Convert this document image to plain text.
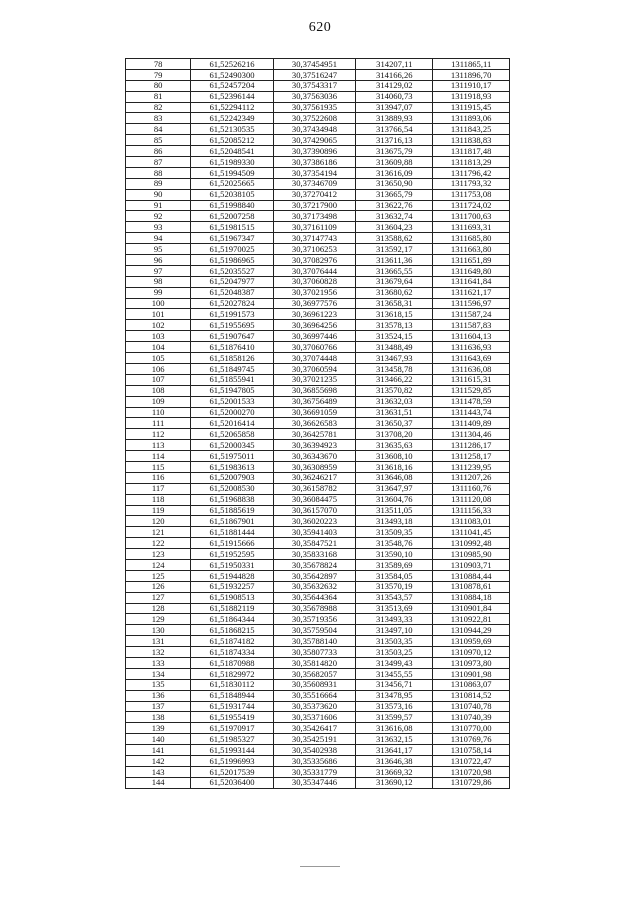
620
78	61,52526216	30,37454951	314207,11	1311865,11
79	61,52490300	30,37516247	314166,26	1311896,70
80	61,52457204	30,37543317	314129,02	1311910,17
81	61,52396144	30,37563036	314060,73	1311918,93
82	61,52294112	30,37561935	313947,07	1311915,45
83	61,52242349	30,37522608	313889,93	1311893,06
84	61,52130535	30,37434948	313766,54	1311843,25
85	61,52085212	30,37429065	313716,13	1311838,83
86	61,52048541	30,37390896	313675,79	1311817,48
87	61,51989330	30,37386186	313609,88	1311813,29
88	61,51994509	30,37354194	313616,09	1311796,42
89	61,52025665	30,37346709	313650,90	1311793,32
90	61,52038105	30,37270412	313665,79	1311753,08
91	61,51998840	30,37217900	313622,76	1311724,02
92	61,52007258	30,37173498	313632,74	1311700,63
93	61,51981515	30,37161109	313604,23	1311693,31
94	61,51967347	30,37147743	313588,62	1311685,80
95	61,51970025	30,37106253	313592,17	1311663,80
96	61,51986965	30,37082976	313611,36	1311651,89
97	61,52035527	30,37076444	313665,55	1311649,80
98	61,52047977	30,37060828	313679,64	1311641,84
99	61,52048387	30,37021956	313680,62	1311621,17
100	61,52027824	30,36977576	313658,31	1311596,97
101	61,51991573	30,36961223	313618,15	1311587,24
102	61,51955695	30,36964256	313578,13	1311587,83
103	61,51907647	30,36997446	313524,15	1311604,13
104	61,51876410	30,37060766	313488,49	1311636,93
105	61,51858126	30,37074448	313467,93	1311643,69
106	61,51849745	30,37060594	313458,78	1311636,08
107	61,51855941	30,37021235	313466,22	1311615,31
108	61,51947805	30,36855698	313570,82	1311529,85
109	61,52001533	30,36756489	313632,03	1311478,59
110	61,52000270	30,36691059	313631,51	1311443,74
111	61,52016414	30,36626583	313650,37	1311409,89
112	61,52065858	30,36425781	313708,20	1311304,46
113	61,52000345	30,36394923	313635,63	1311286,17
114	61,51975011	30,36343670	313608,10	1311258,17
115	61,51983613	30,36308959	313618,16	1311239,95
116	61,52007903	30,36246217	313646,08	1311207,26
117	61,52008530	30,36158782	313647,97	1311160,76
118	61,51968838	30,36084475	313604,76	1311120,08
119	61,51885619	30,36157070	313511,05	1311156,33
120	61,51867901	30,36020223	313493,18	1311083,01
121	61,51881444	30,35941403	313509,35	1311041,45
122	61,51915666	30,35847521	313548,76	1310992,48
123	61,51952595	30,35833168	313590,10	1310985,90
124	61,51950331	30,35678824	313589,69	1310903,71
125	61,51944828	30,35642897	313584,05	1310884,44
126	61,51932257	30,35632632	313570,19	1310878,61
127	61,51908513	30,35644364	313543,57	1310884,18
128	61,51882119	30,35678988	313513,69	1310901,84
129	61,51864344	30,35719356	313493,33	1310922,81
130	61,51868215	30,35759504	313497,10	1310944,29
131	61,51874182	30,35788140	313503,35	1310959,69
132	61,51874334	30,35807733	313503,25	1310970,12
133	61,51870988	30,35814820	313499,43	1310973,80
134	61,51829972	30,35682057	313455,55	1310901,98
135	61,51830112	30,35608931	313456,71	1310863,07
136	61,51848944	30,35516664	313478,95	1310814,52
137	61,51931744	30,35373620	313573,16	1310740,78
138	61,51955419	30,35371606	313599,57	1310740,39
139	61,51970917	30,35426417	313616,08	1310770,00
140	61,51985327	30,35425191	313632,15	1310769,76
141	61,51993144	30,35402938	313641,17	1310758,14
142	61,51996993	30,35335686	313646,38	1310722,47
143	61,52017539	30,35331779	313669,32	1310720,98
144	61,52036400	30,35347446	313690,12	1310729,86
